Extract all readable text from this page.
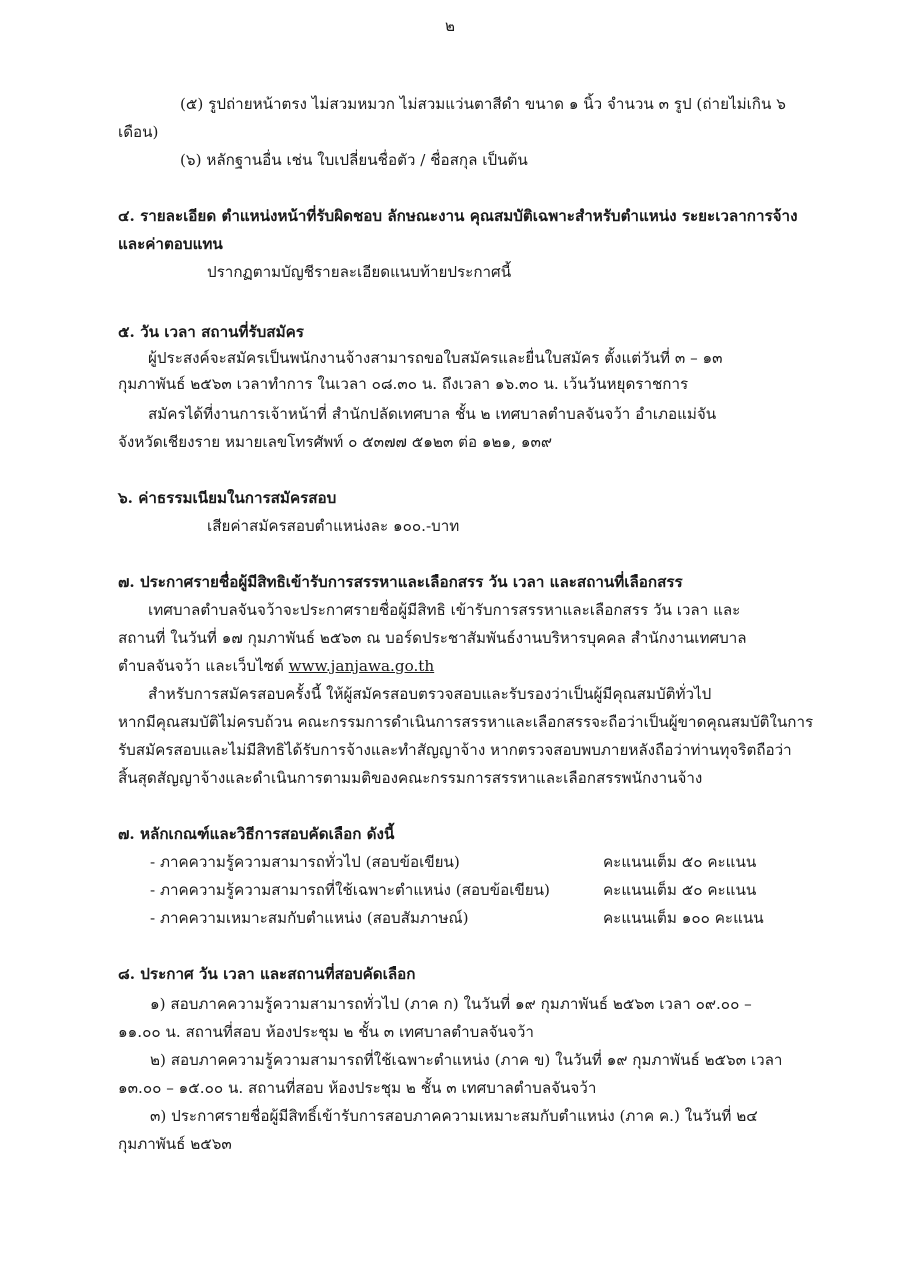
๒
(๕) รูปถ่ายหน้าตรง ไม่สวมหมวก ไม่สวมแว่นตาสีดำ ขนาด ๑ นิ้ว จำนวน ๓ รูป (ถ่ายไม่เกิน ๖
เดือน)
(๖) หลักฐานอื่น เช่น ใบเปลี่ยนชื่อตัว / ชื่อสกุล เป็นต้น
๔. รายละเอียด ตำแหน่งหน้าที่รับผิดชอบ ลักษณะงาน คุณสมบัติเฉพาะสำหรับตำแหน่ง ระยะเวลาการจ้าง
และค่าตอบแทน
ปรากฏตามบัญชีรายละเอียดแนบท้ายประกาศนี้
๕. วัน เวลา สถานที่รับสมัคร
ผู้ประสงค์จะสมัครเป็นพนักงานจ้างสามารถขอใบสมัครและยื่นใบสมัคร ตั้งแต่วันที่ ๓ – ๑๓
กุมภาพันธ์ ๒๕๖๓ เวลาทำการ ในเวลา ๐๘.๓๐ น. ถึงเวลา ๑๖.๓๐ น. เว้นวันหยุดราชการ
สมัครได้ที่งานการเจ้าหน้าที่ สำนักปลัดเทศบาล ชั้น ๒ เทศบาลตำบลจันจว้า อำเภอแม่จัน
จังหวัดเชียงราย หมายเลขโทรศัพท์ ๐ ๕๓๗๗ ๕๑๒๓ ต่อ ๑๒๑, ๑๓๙
๖. ค่าธรรมเนียมในการสมัครสอบ
เสียค่าสมัครสอบตำแหน่งละ ๑๐๐.-บาท
๗. ประกาศรายชื่อผู้มีสิทธิเข้ารับการสรรหาและเลือกสรร วัน เวลา และสถานที่เลือกสรร
เทศบาลตำบลจันจว้าจะประกาศรายชื่อผู้มีสิทธิ เข้ารับการสรรหาและเลือกสรร วัน เวลา และ
สถานที่ ในวันที่ ๑๗ กุมภาพันธ์ ๒๕๖๓ ณ บอร์ดประชาสัมพันธ์งานบริหารบุคคล สำนักงานเทศบาล
ตำบลจันจว้า และเว็บไซต์ www.janjawa.go.th
สำหรับการสมัครสอบครั้งนี้ ให้ผู้สมัครสอบตรวจสอบและรับรองว่าเป็นผู้มีคุณสมบัติทั่วไป
หากมีคุณสมบัติไม่ครบถ้วน คณะกรรมการดำเนินการสรรหาและเลือกสรรจะถือว่าเป็นผู้ขาดคุณสมบัติในการ
รับสมัครสอบและไม่มีสิทธิได้รับการจ้างและทำสัญญาจ้าง หากตรวจสอบพบภายหลังถือว่าท่านทุจริตถือว่า
สิ้นสุดสัญญาจ้างและดำเนินการตามมติของคณะกรรมการสรรหาและเลือกสรรพนักงานจ้าง
๗. หลักเกณฑ์และวิธีการสอบคัดเลือก ดังนี้
- ภาคความรู้ความสามารถทั่วไป (สอบข้อเขียน)	คะแนนเต็ม ๕๐ คะแนน
- ภาคความรู้ความสามารถที่ใช้เฉพาะตำแหน่ง (สอบข้อเขียน)	คะแนนเต็ม ๕๐ คะแนน
- ภาคความเหมาะสมกับตำแหน่ง (สอบสัมภาษณ์)	คะแนนเต็ม ๑๐๐ คะแนน
๘. ประกาศ วัน เวลา และสถานที่สอบคัดเลือก
๑) สอบภาคความรู้ความสามารถทั่วไป (ภาค ก) ในวันที่ ๑๙ กุมภาพันธ์ ๒๕๖๓ เวลา ๐๙.๐๐ –
๑๑.๐๐ น. สถานที่สอบ ห้องประชุม ๒ ชั้น ๓ เทศบาลตำบลจันจว้า
๒) สอบภาคความรู้ความสามารถที่ใช้เฉพาะตำแหน่ง (ภาค ข) ในวันที่ ๑๙ กุมภาพันธ์ ๒๕๖๓ เวลา
๑๓.๐๐ – ๑๕.๐๐ น. สถานที่สอบ ห้องประชุม ๒ ชั้น ๓ เทศบาลตำบลจันจว้า
๓) ประกาศรายชื่อผู้มีสิทธิ์เข้ารับการสอบภาคความเหมาะสมกับตำแหน่ง (ภาค ค.) ในวันที่ ๒๔
กุมภาพันธ์ ๒๕๖๓
